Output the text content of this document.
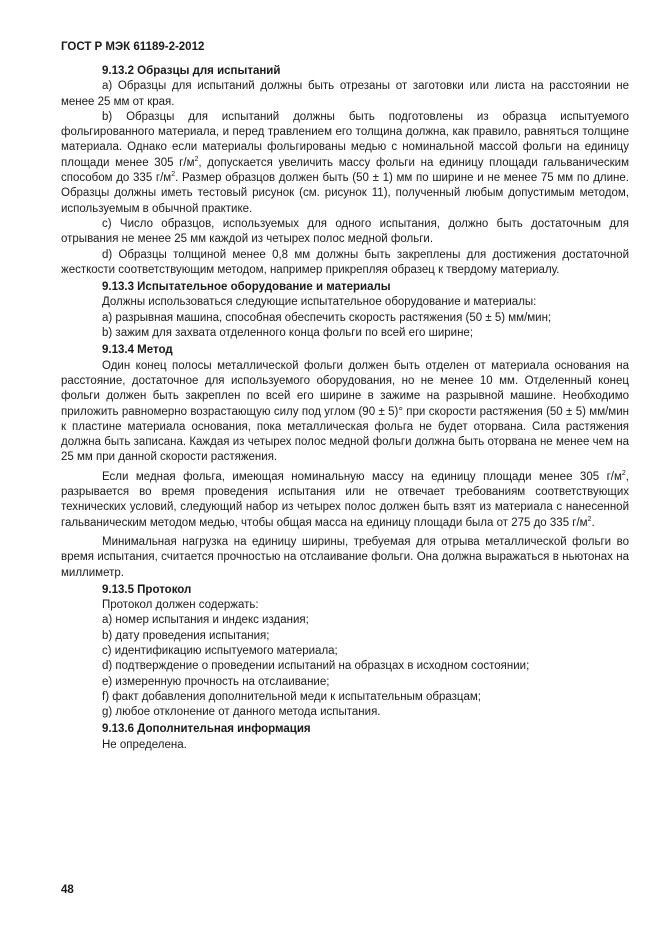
ГОСТ Р МЭК 61189-2-2012

9.13.2 Образцы для испытаний

a) Образцы для испытаний должны быть отрезаны от заготовки или листа на расстоянии не менее 25 мм от края.

b) Образцы для испытаний должны быть подготовлены из образца испытуемого фольгированного материала, и перед травлением его толщина должна, как правило, равняться толщине материала. Однако если материалы фольгированы медью с номинальной массой фольги на единицу площади менее 305 $г/м^2$, допускается увеличить массу фольги на единицу площади гальваническим способом до 335 $г/м^2$. Размер образцов должен быть (50 ± 1) мм по ширине и не менее 75 мм по длине. Образцы должны иметь тестовый рисунок (см. рисунок 11), полученный любым допустимым методом, используемым в обычной практике.

c) Число образцов, используемых для одного испытания, должно быть достаточным для отрывания не менее 25 мм каждой из четырех полос медной фольги.

d) Образцы толщиной менее 0,8 мм должны быть закреплены для достижения достаточной жесткости соответствующим методом, например прикрепляя образец к твердому материалу.

9.13.3 Испытательное оборудование и материалы

Должны использоваться следующие испытательное оборудование и материалы:

a) разрывная машина, способная обеспечить скорость растяжения (50 ± 5) мм/мин;

b) зажим для захвата отделенного конца фольги по всей его ширине;

9.13.4 Метод

Один конец полосы металлической фольги должен быть отделен от материала основания на расстояние, достаточное для используемого оборудования, но не менее 10 мм. Отделенный конец фольги должен быть закреплен по всей его ширине в зажиме на разрывной машине. Необходимо приложить равномерно возрастающую силу под углом (90 ± 5)° при скорости растяжения (50 ± 5) мм/мин к пластине материала основания, пока металлическая фольга не будет оторвана. Сила растяжения должна быть записана. Каждая из четырех полос медной фольги должна быть оторвана не менее чем на 25 мм при данной скорости растяжения.

Если медная фольга, имеющая номинальную массу на единицу площади менее 305 $г/м^2$, разрывается во время проведения испытания или не отвечает требованиям соответствующих технических условий, следующий набор из четырех полос должен быть взят из материала с нанесенной гальваническим методом медью, чтобы общая масса на единицу площади была от 275 до 335 $г/м^2$.

Минимальная нагрузка на единицу ширины, требуемая для отрыва металлической фольги во время испытания, считается прочностью на отслаивание фольги. Она должна выражаться в ньютонах на миллиметр.

9.13.5 Протокол

Протокол должен содержать:

a) номер испытания и индекс издания;

b) дату проведения испытания;

c) идентификацию испытуемого материала;

d) подтверждение о проведении испытаний на образцах в исходном состоянии;

e) измеренную прочность на отслаивание;

f) факт добавления дополнительной меди к испытательным образцам;

g) любое отклонение от данного метода испытания.

9.13.6 Дополнительная информация

Не определена.

48
